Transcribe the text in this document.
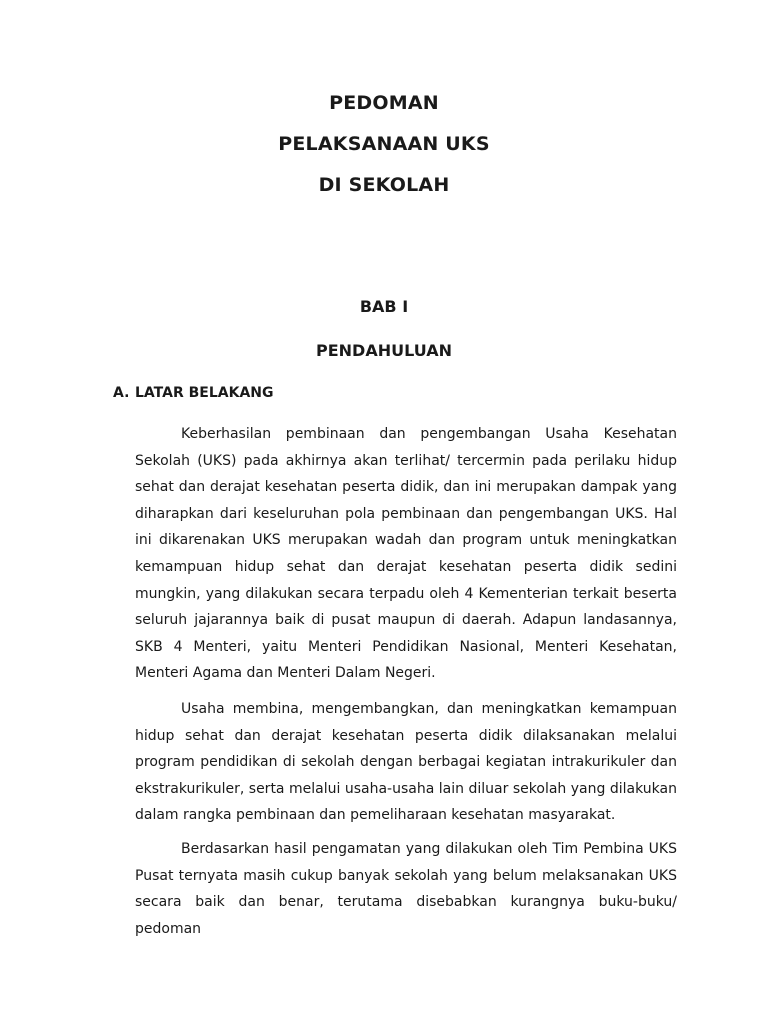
PEDOMAN
PELAKSANAAN UKS
DI SEKOLAH
BAB I
PENDAHULUAN
A. LATAR BELAKANG

Keberhasilan pembinaan dan pengembangan Usaha Kesehatan Sekolah (UKS) pada akhirnya akan terlihat/ tercermin pada perilaku hidup sehat dan derajat kesehatan peserta didik, dan ini merupakan dampak yang diharapkan dari keseluruhan pola pembinaan dan pengembangan UKS. Hal ini dikarenakan UKS merupakan wadah dan program untuk meningkatkan kemampuan hidup sehat dan derajat kesehatan peserta didik sedini mungkin, yang dilakukan secara terpadu oleh 4 Kementerian terkait beserta seluruh jajarannya baik di pusat maupun di daerah. Adapun landasannya, SKB 4 Menteri, yaitu Menteri Pendidikan Nasional, Menteri Kesehatan, Menteri Agama dan Menteri Dalam Negeri.

Usaha membina, mengembangkan, dan meningkatkan kemampuan hidup sehat dan derajat kesehatan peserta didik dilaksanakan melalui program pendidikan di sekolah dengan berbagai kegiatan intrakurikuler dan ekstrakurikuler, serta melalui usaha-usaha lain diluar sekolah yang dilakukan dalam rangka pembinaan dan pemeliharaan kesehatan masyarakat.

Berdasarkan hasil pengamatan yang dilakukan oleh Tim Pembina UKS Pusat ternyata masih cukup banyak sekolah yang belum melaksanakan UKS secara baik dan benar, terutama disebabkan kurangnya buku-buku/ pedoman
